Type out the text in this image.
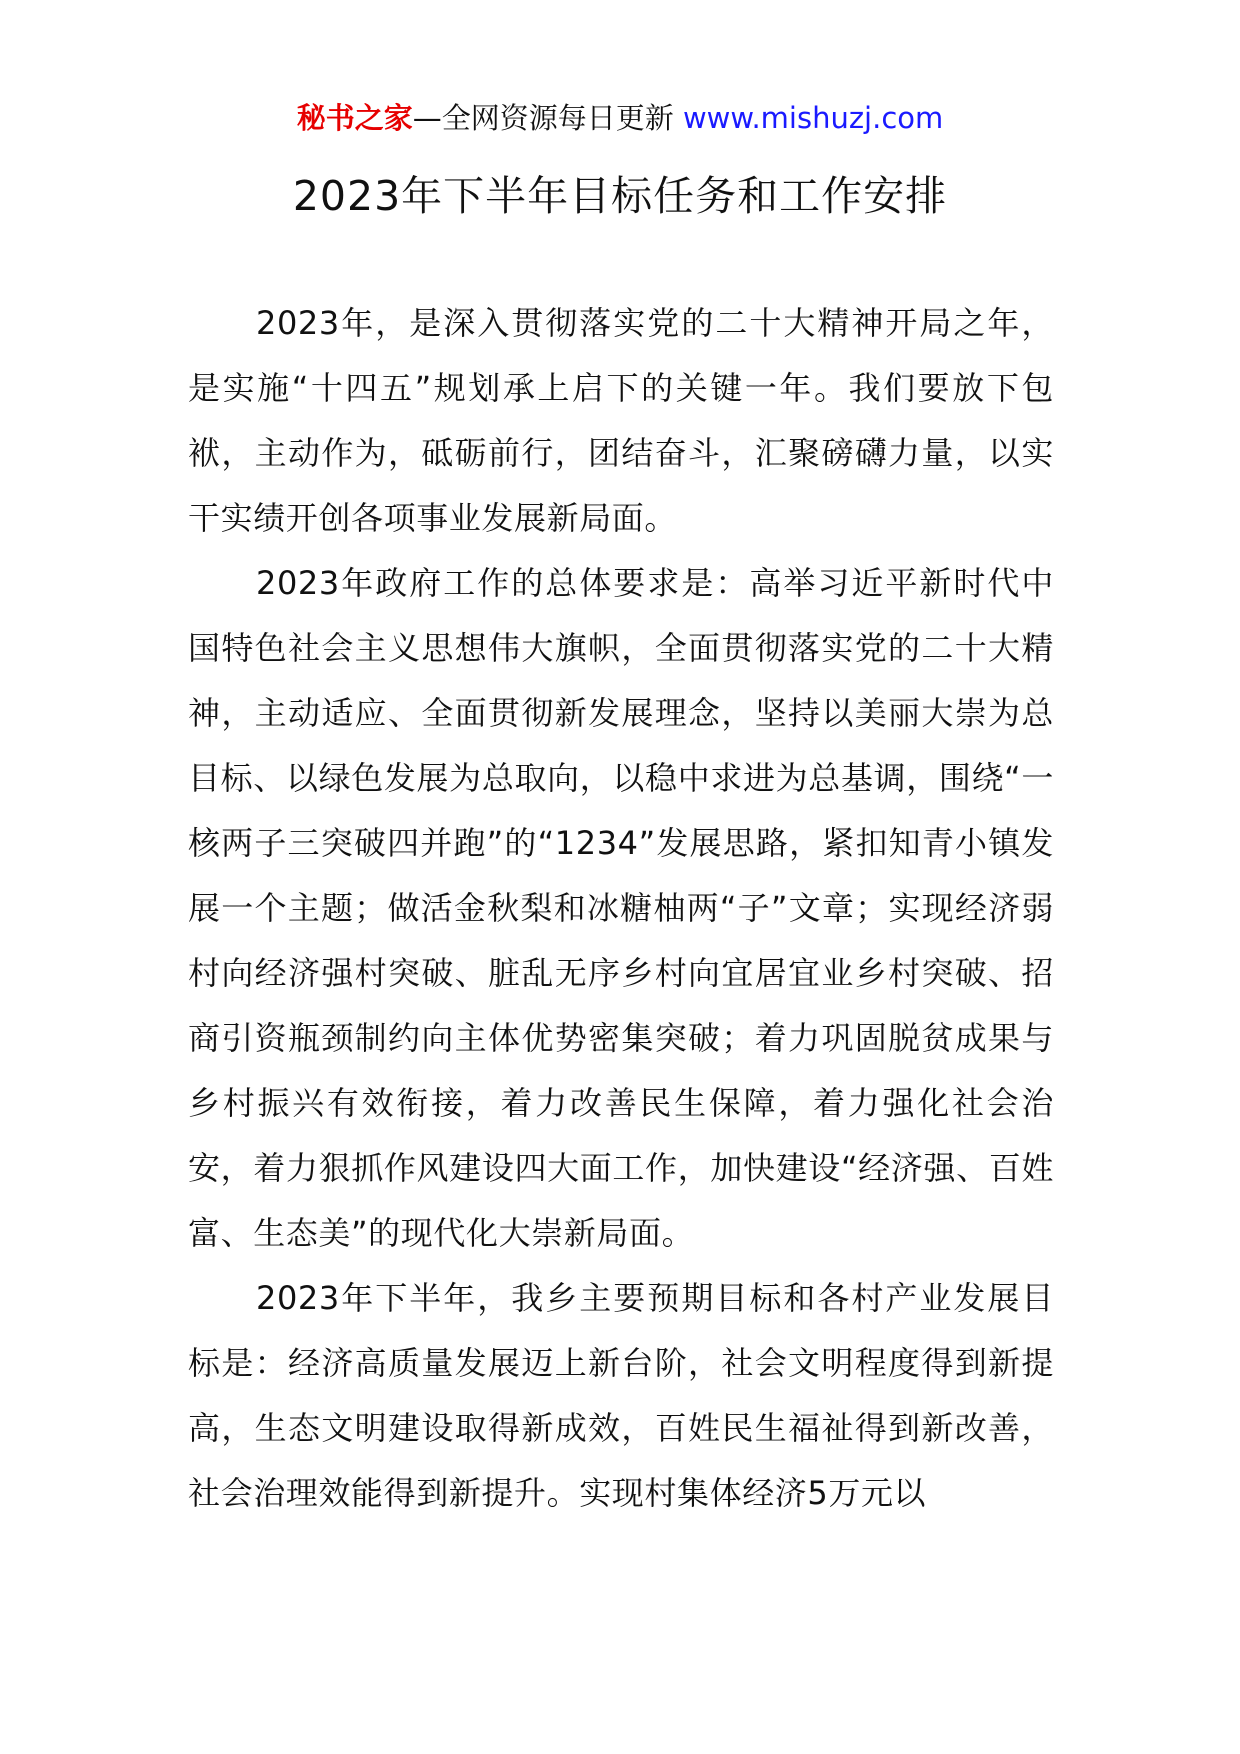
秘书之家—全网资源每日更新 www.mishuzj.com
2023年下半年目标任务和工作安排

2023年，是深入贯彻落实党的二十大精神开局之年，是实施“十四五”规划承上启下的关键一年。我们要放下包袱，主动作为，砥砺前行，团结奋斗，汇聚磅礴力量，以实干实绩开创各项事业发展新局面。

2023年政府工作的总体要求是：高举习近平新时代中国特色社会主义思想伟大旗帜，全面贯彻落实党的二十大精神，主动适应、全面贯彻新发展理念，坚持以美丽大崇为总目标、以绿色发展为总取向，以稳中求进为总基调，围绕“一核两子三突破四并跑”的“1234”发展思路，紧扣知青小镇发展一个主题；做活金秋梨和冰糖柚两“子”文章；实现经济弱村向经济强村突破、脏乱无序乡村向宜居宜业乡村突破、招商引资瓶颈制约向主体优势密集突破；着力巩固脱贫成果与乡村振兴有效衔接，着力改善民生保障，着力强化社会治安，着力狠抓作风建设四大面工作，加快建设“经济强、百姓富、生态美”的现代化大崇新局面。

2023年下半年，我乡主要预期目标和各村产业发展目标是：经济高质量发展迈上新台阶，社会文明程度得到新提高，生态文明建设取得新成效，百姓民生福祉得到新改善，社会治理效能得到新提升。实现村集体经济5万元以
